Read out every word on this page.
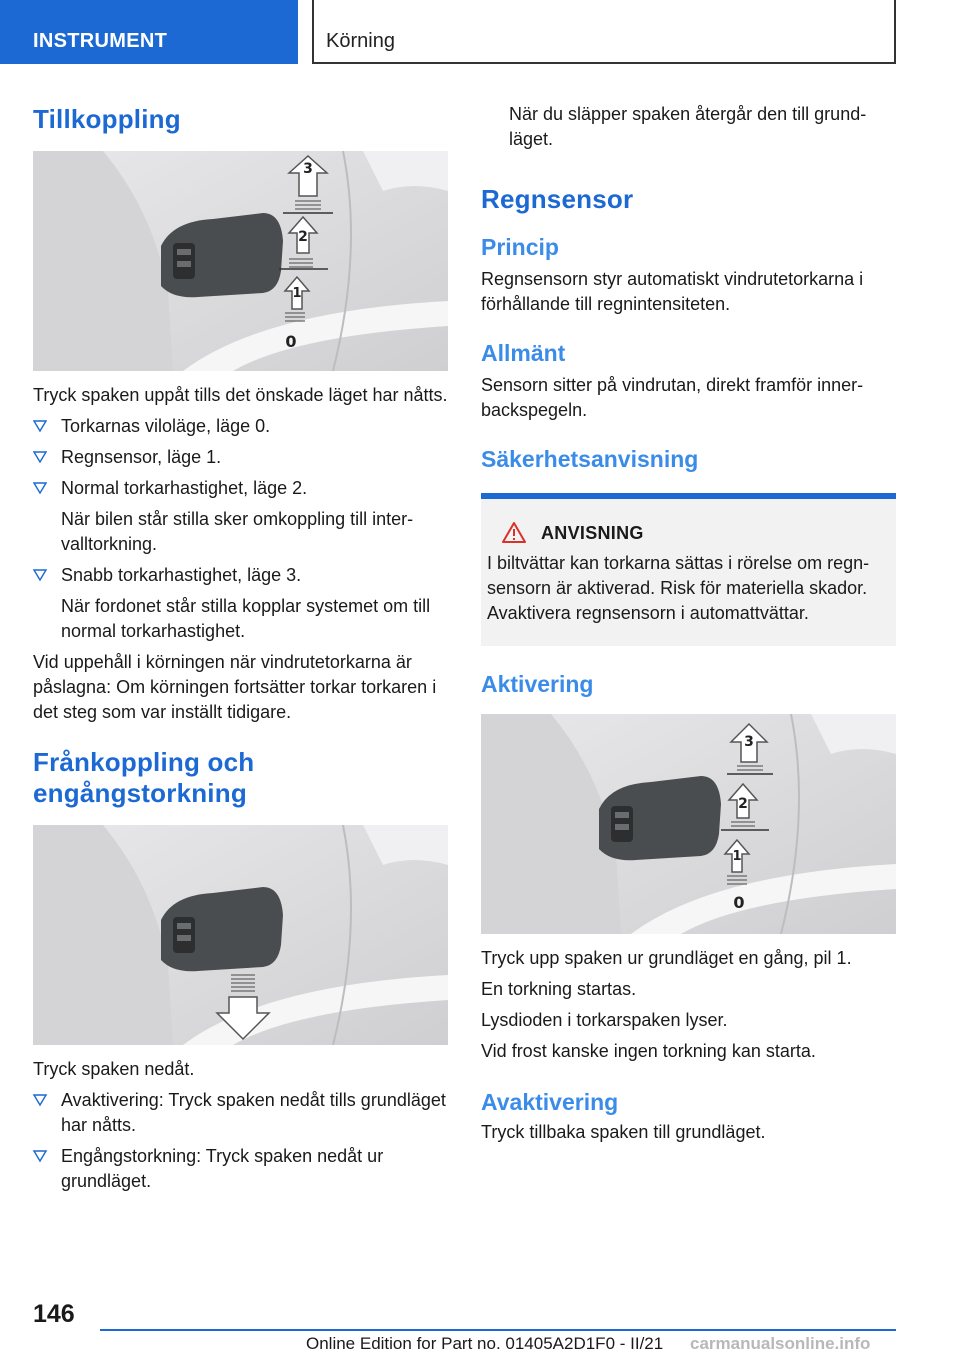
INSTRUMENT	Körning
Tillkoppling
3
2
1
0

Tryck spaken uppåt tills det önskade läget har nåtts.

Torkarnas viloläge, läge 0.
Regnsensor, läge 1.
Normal torkarhastighet, läge 2.

När bilen står stilla sker omkoppling till intervalltorkning.

Snabb torkarhastighet, läge 3.

När fordonet står stilla kopplar systemet om till normal torkarhastighet.

Vid uppehåll i körningen när vindrutetorkarna är påslagna: Om körningen fortsätter torkar torkaren i det steg som var inställt tidigare.

Frånkoppling och
engångstorkning

Tryck spaken nedåt.

Avaktivering: Tryck spaken nedåt tills grundläget har nåtts.
Engångstorkning: Tryck spaken nedåt ur grundläget.

När du släpper spaken återgår den till grundläget.

Regnsensor
Princip

Regnsensorn styr automatiskt vindrutetorkarna i förhållande till regnintensiteten.

Allmänt

Sensorn sitter på vindrutan, direkt framför innerbackspegeln.

Säkerhetsanvisning
ANVISNING

I biltvättar kan torkarna sättas i rörelse om regnsensorn är aktiverad. Risk för materiella skador. Avaktivera regnsensorn i automattvättar.

Aktivering
3
2
1
0

Tryck upp spaken ur grundläget en gång, pil 1.

En torkning startas.

Lysdioden i torkarspaken lyser.

Vid frost kanske ingen torkning kan starta.

Avaktivering

Tryck tillbaka spaken till grundläget.

146
Online Edition for Part no. 01405A2D1F0 - II/21 carmanualsonline.info
